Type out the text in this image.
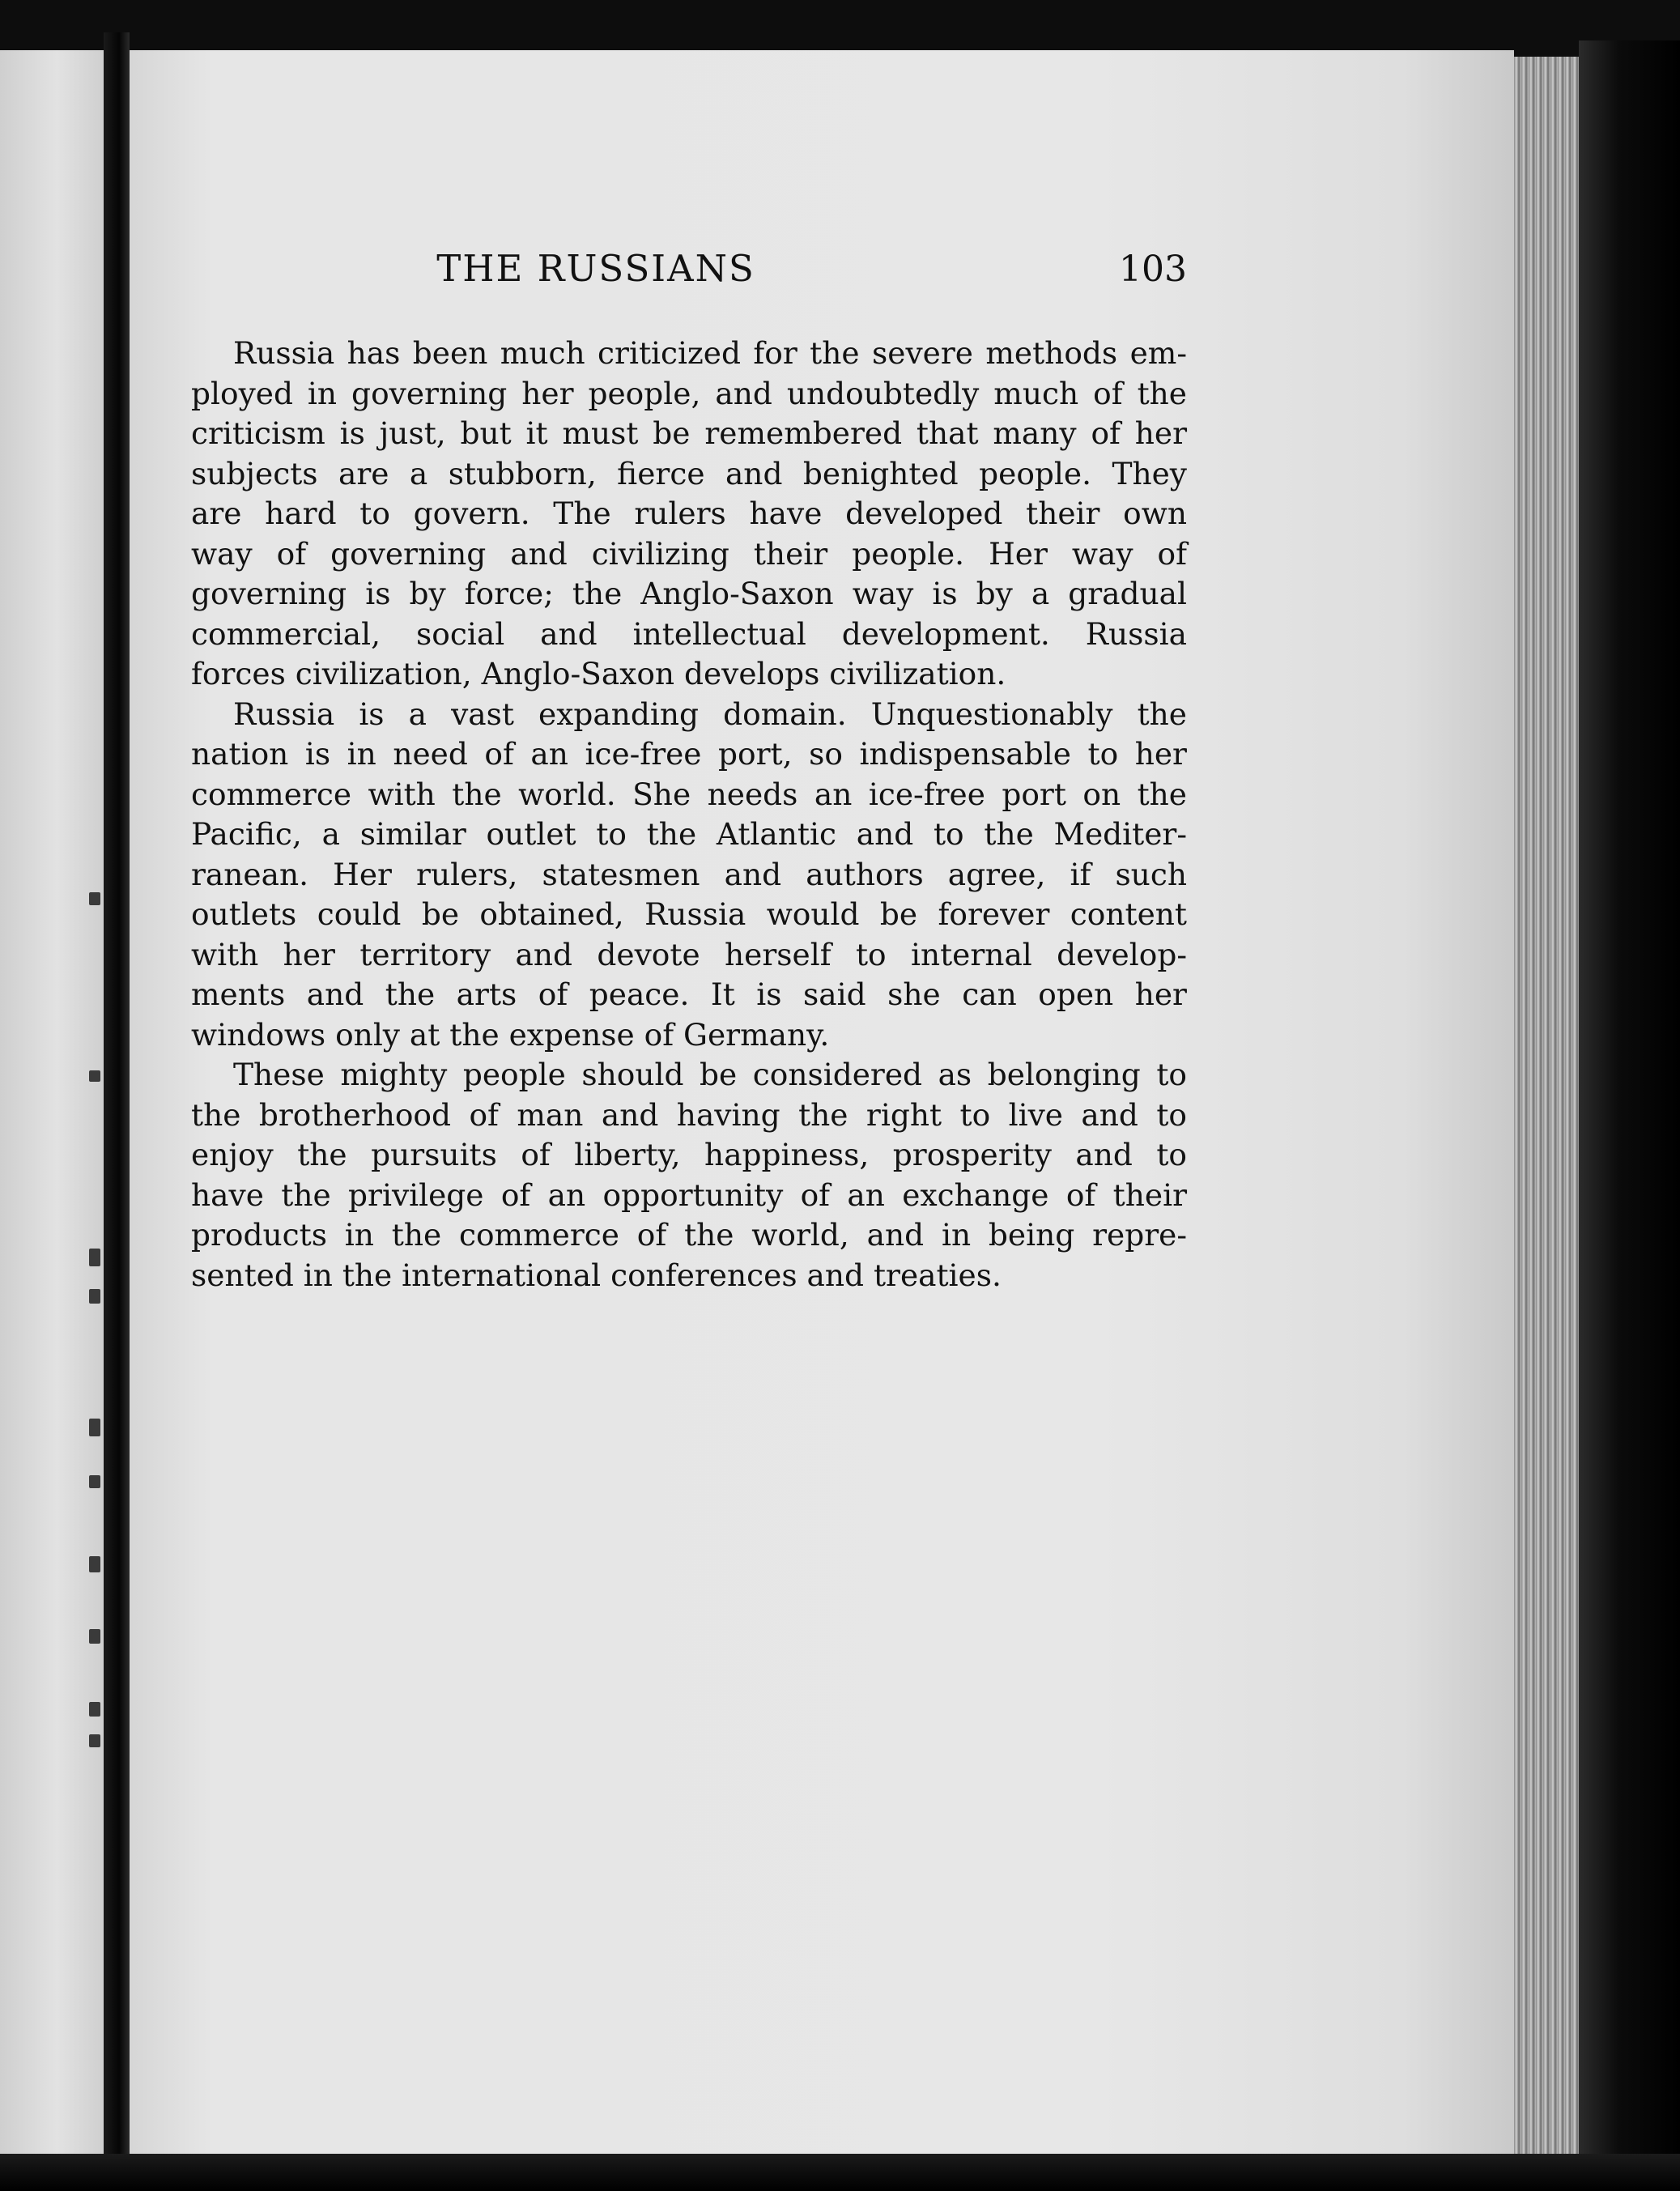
THE RUSSIANS	103
Russia has been much criticized for the severe methods em-
ployed in governing her people, and undoubtedly much of the
criticism is just, but it must be remembered that many of her
subjects are a stubborn, fierce and benighted people. They
are hard to govern. The rulers have developed their own
way of governing and civilizing their people. Her way of
governing is by force; the Anglo-Saxon way is by a gradual
commercial, social and intellectual development. Russia
forces civilization, Anglo-Saxon develops civilization.
Russia is a vast expanding domain. Unquestionably the
nation is in need of an ice-free port, so indispensable to her
commerce with the world. She needs an ice-free port on the
Pacific, a similar outlet to the Atlantic and to the Mediter-
ranean. Her rulers, statesmen and authors agree, if such
outlets could be obtained, Russia would be forever content
with her territory and devote herself to internal develop-
ments and the arts of peace. It is said she can open her
windows only at the expense of Germany.
These mighty people should be considered as belonging to
the brotherhood of man and having the right to live and to
enjoy the pursuits of liberty, happiness, prosperity and to
have the privilege of an opportunity of an exchange of their
products in the commerce of the world, and in being repre-
sented in the international conferences and treaties.
